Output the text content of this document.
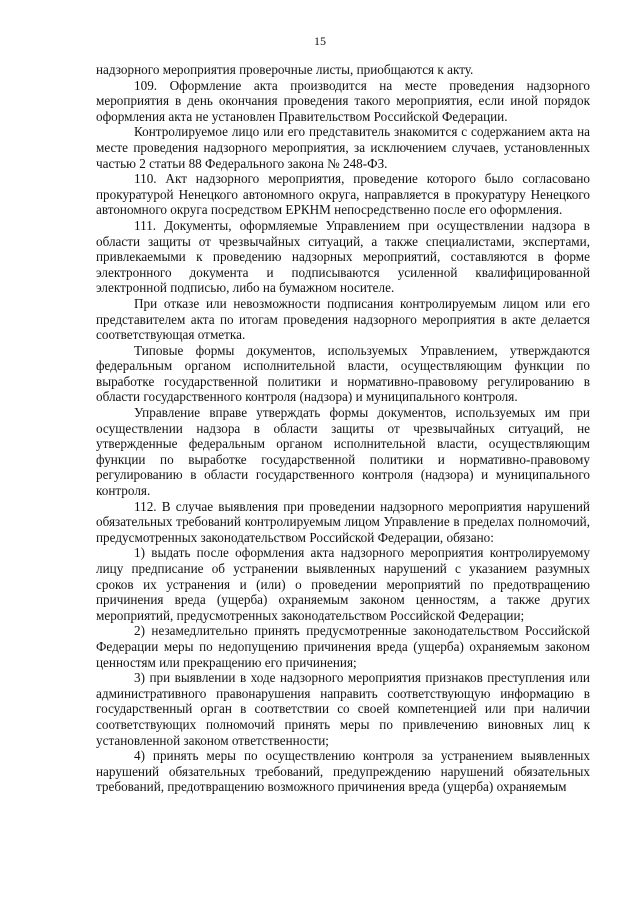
15

надзорного мероприятия проверочные листы, приобщаются к акту.

109. Оформление акта производится на месте проведения надзорного мероприятия в день окончания проведения такого мероприятия, если иной порядок оформления акта не установлен Правительством Российской Федерации.

Контролируемое лицо или его представитель знакомится с содержанием акта на месте проведения надзорного мероприятия, за исключением случаев, установленных частью 2 статьи 88 Федерального закона № 248-ФЗ.

110. Акт надзорного мероприятия, проведение которого было согласовано прокуратурой Ненецкого автономного округа, направляется в прокуратуру Ненецкого автономного округа посредством ЕРКНМ непосредственно после его оформления.

111. Документы, оформляемые Управлением при осуществлении надзора в области защиты от чрезвычайных ситуаций, а также специалистами, экспертами, привлекаемыми к проведению надзорных мероприятий, составляются в форме электронного документа и подписываются усиленной квалифицированной электронной подписью, либо на бумажном носителе.

При отказе или невозможности подписания контролируемым лицом или его представителем акта по итогам проведения надзорного мероприятия в акте делается соответствующая отметка.

Типовые формы документов, используемых Управлением, утверждаются федеральным органом исполнительной власти, осуществляющим функции по выработке государственной политики и нормативно-правовому регулированию в области государственного контроля (надзора) и муниципального контроля.

Управление вправе утверждать формы документов, используемых им при осуществлении надзора в области защиты от чрезвычайных ситуаций, не утвержденные федеральным органом исполнительной власти, осуществляющим функции по выработке государственной политики и нормативно-правовому регулированию в области государственного контроля (надзора) и муниципального контроля.

112. В случае выявления при проведении надзорного мероприятия нарушений обязательных требований контролируемым лицом Управление в пределах полномочий, предусмотренных законодательством Российской Федерации, обязано:

1) выдать после оформления акта надзорного мероприятия контролируемому лицу предписание об устранении выявленных нарушений с указанием разумных сроков их устранения и (или) о проведении мероприятий по предотвращению причинения вреда (ущерба) охраняемым законом ценностям, а также других мероприятий, предусмотренных законодательством Российской Федерации;

2) незамедлительно принять предусмотренные законодательством Российской Федерации меры по недопущению причинения вреда (ущерба) охраняемым законом ценностям или прекращению его причинения;

3) при выявлении в ходе надзорного мероприятия признаков преступления или административного правонарушения направить соответствующую информацию в государственный орган в соответствии со своей компетенцией или при наличии соответствующих полномочий принять меры по привлечению виновных лиц к установленной законом ответственности;

4) принять меры по осуществлению контроля за устранением выявленных нарушений обязательных требований, предупреждению нарушений обязательных требований, предотвращению возможного причинения вреда (ущерба) охраняемым
